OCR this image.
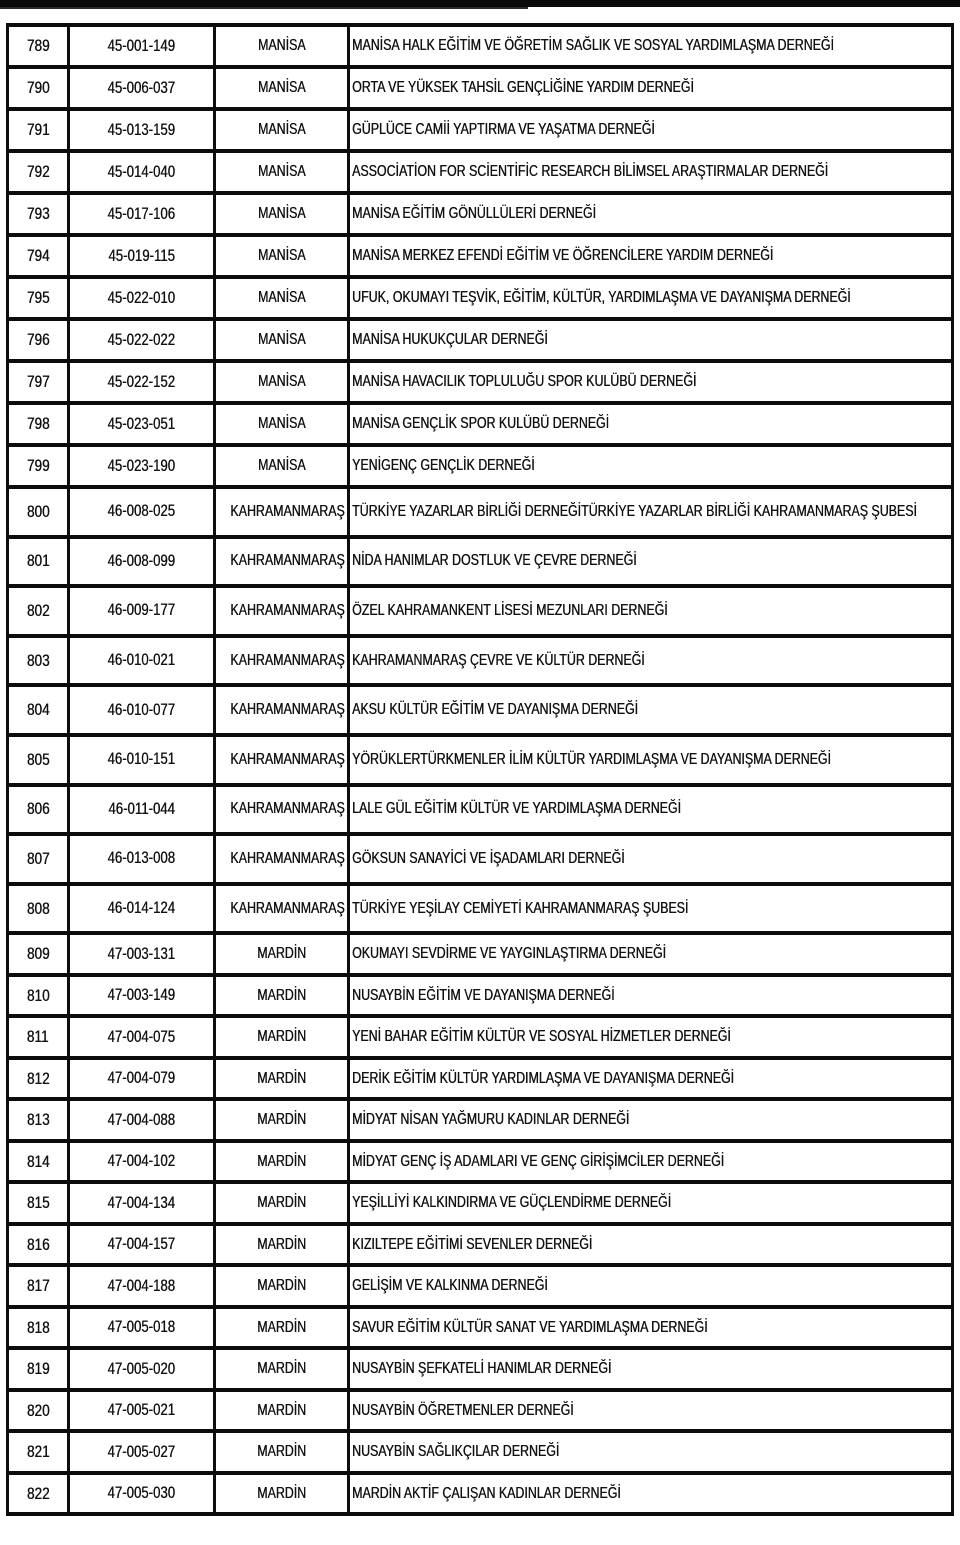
789	45-001-149	MANİSA	MANİSA HALK EĞİTİM VE ÖĞRETİM SAĞLIK VE SOSYAL YARDIMLAŞMA DERNEĞİ
790	45-006-037	MANİSA	ORTA VE YÜKSEK TAHSİL GENÇLİĞİNE YARDIM DERNEĞİ
791	45-013-159	MANİSA	GÜPLÜCE CAMİİ YAPTIRMA VE YAŞATMA DERNEĞİ
792	45-014-040	MANİSA	ASSOCİATİON FOR SCİENTİFİC RESEARCH BİLİMSEL ARAŞTIRMALAR DERNEĞİ
793	45-017-106	MANİSA	MANİSA EĞİTİM GÖNÜLLÜLERİ DERNEĞİ
794	45-019-115	MANİSA	MANİSA MERKEZ EFENDİ EĞİTİM VE ÖĞRENCİLERE YARDIM DERNEĞİ
795	45-022-010	MANİSA	UFUK, OKUMAYI TEŞVİK, EĞİTİM, KÜLTÜR, YARDIMLAŞMA VE DAYANIŞMA DERNEĞİ
796	45-022-022	MANİSA	MANİSA HUKUKÇULAR DERNEĞİ
797	45-022-152	MANİSA	MANİSA HAVACILIK TOPLULUĞU SPOR KULÜBÜ DERNEĞİ
798	45-023-051	MANİSA	MANİSA GENÇLİK SPOR KULÜBÜ DERNEĞİ
799	45-023-190	MANİSA	YENİGENÇ GENÇLİK DERNEĞİ
800	46-008-025	KAHRAMANMARAŞ	TÜRKİYE YAZARLAR BİRLİĞİ DERNEĞİTÜRKİYE YAZARLAR BİRLİĞİ KAHRAMANMARAŞ ŞUBESİ
801	46-008-099	KAHRAMANMARAŞ	NİDA HANIMLAR DOSTLUK VE ÇEVRE DERNEĞİ
802	46-009-177	KAHRAMANMARAŞ	ÖZEL KAHRAMANKENT LİSESİ MEZUNLARI DERNEĞİ
803	46-010-021	KAHRAMANMARAŞ	KAHRAMANMARAŞ ÇEVRE VE KÜLTÜR DERNEĞİ
804	46-010-077	KAHRAMANMARAŞ	AKSU KÜLTÜR EĞİTİM VE DAYANIŞMA DERNEĞİ
805	46-010-151	KAHRAMANMARAŞ	YÖRÜKLERTÜRKMENLER İLİM KÜLTÜR YARDIMLAŞMA VE DAYANIŞMA DERNEĞİ
806	46-011-044	KAHRAMANMARAŞ	LALE GÜL EĞİTİM KÜLTÜR VE YARDIMLAŞMA DERNEĞİ
807	46-013-008	KAHRAMANMARAŞ	GÖKSUN SANAYİCİ VE İŞADAMLARI DERNEĞİ
808	46-014-124	KAHRAMANMARAŞ	TÜRKİYE YEŞİLAY CEMİYETİ KAHRAMANMARAŞ ŞUBESİ
809	47-003-131	MARDİN	OKUMAYI SEVDİRME VE YAYGINLAŞTIRMA DERNEĞİ
810	47-003-149	MARDİN	NUSAYBİN EĞİTİM VE DAYANIŞMA DERNEĞİ
811	47-004-075	MARDİN	YENİ BAHAR EĞİTİM KÜLTÜR VE SOSYAL HİZMETLER DERNEĞİ
812	47-004-079	MARDİN	DERİK EĞİTİM KÜLTÜR YARDIMLAŞMA VE DAYANIŞMA DERNEĞİ
813	47-004-088	MARDİN	MİDYAT NİSAN YAĞMURU KADINLAR DERNEĞİ
814	47-004-102	MARDİN	MİDYAT GENÇ İŞ ADAMLARI VE GENÇ GİRİŞİMCİLER DERNEĞİ
815	47-004-134	MARDİN	YEŞİLLİYİ KALKINDIRMA VE GÜÇLENDİRME DERNEĞİ
816	47-004-157	MARDİN	KIZILTEPE EĞİTİMİ SEVENLER DERNEĞİ
817	47-004-188	MARDİN	GELİŞİM VE KALKINMA DERNEĞİ
818	47-005-018	MARDİN	SAVUR EĞİTİM KÜLTÜR SANAT VE YARDIMLAŞMA DERNEĞİ
819	47-005-020	MARDİN	NUSAYBİN ŞEFKATELİ HANIMLAR DERNEĞİ
820	47-005-021	MARDİN	NUSAYBİN ÖĞRETMENLER DERNEĞİ
821	47-005-027	MARDİN	NUSAYBİN SAĞLIKÇILAR DERNEĞİ
822	47-005-030	MARDİN	MARDİN AKTİF ÇALIŞAN KADINLAR DERNEĞİ
